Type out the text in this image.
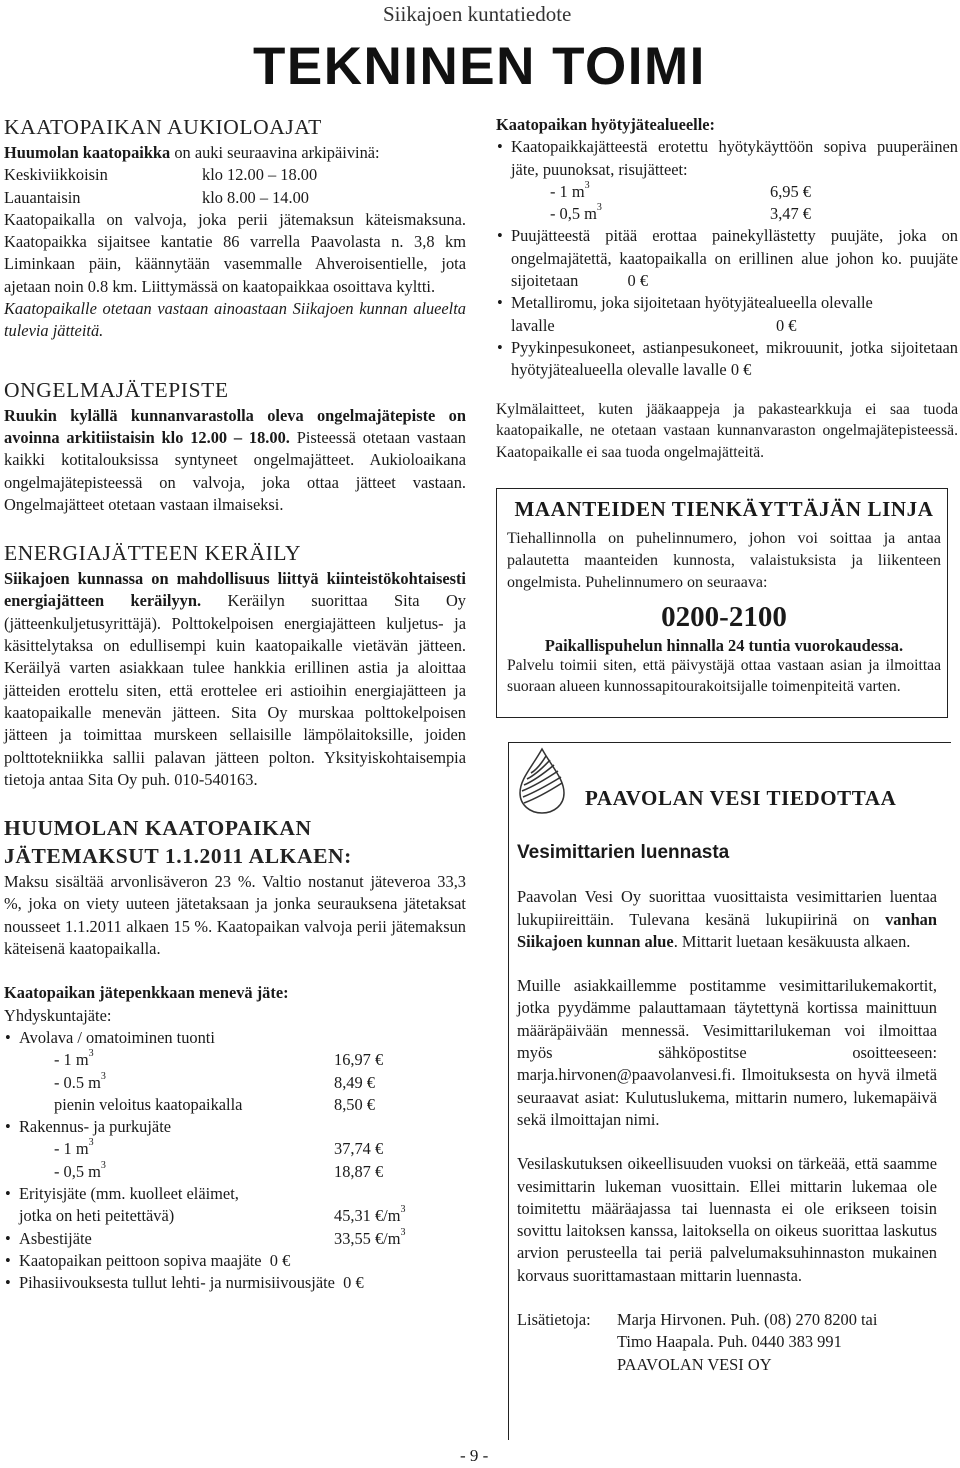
Siikajoen kuntatiedote
TEKNINEN TOIMI
KAATOPAIKAN AUKIOLOAJAT

Huumolan kaatopaikka on auki seuraavina arkipäivinä:

Keskiviikkoisin	klo 12.00 – 18.00
Lauantaisin	klo 8.00 – 14.00

Kaatopaikalla on valvoja, joka perii jätemaksun käteismaksuna. Kaatopaikka sijaitsee kantatie 86 varrella Paavolasta n. 3,8 km Liminkaan päin, käännytään vasemmalle Ahveroisentielle, jota ajetaan noin 0.8 km. Liittymässä on kaatopaikkaa osoittava kyltti.

Kaatopaikalle otetaan vastaan ainoastaan Siikajoen kunnan alueelta tulevia jätteitä.

ONGELMAJÄTEPISTE

Ruukin kylällä kunnanvarastolla oleva ongelmajätepiste on avoinna arkitiistaisin klo 12.00 – 18.00. Pisteessä otetaan vastaan kaikki kotitalouksissa syntyneet ongelmajätteet. Aukioloaikana ongelmajätepisteessä on valvoja, joka ottaa jätteet vastaan. Ongelmajätteet otetaan vastaan ilmaiseksi.

ENERGIAJÄTTEEN KERÄILY

Siikajoen kunnassa on mahdollisuus liittyä kiinteistökohtaisesti energiajätteen keräilyyn. Keräilyn suorittaa Sita Oy (jätteenkuljetusyrittäjä). Polttokelpoisen energiajätteen kuljetus- ja käsittelytaksa on edullisempi kuin kaatopaikalle vietävän jätteen. Keräilyä varten asiakkaan tulee hankkia erillinen astia ja aloittaa jätteiden erottelu siten, että erottelee eri astioihin energiajätteen ja kaatopaikalle menevän jätteen. Sita Oy murskaa polttokelpoisen jätteen ja toimittaa murskeen sellaisille lämpölaitoksille, joiden polttotekniikka sallii palavan jätteen polton. Yksityiskohtaisempia tietoja antaa Sita Oy puh. 010-540163.

HUUMOLAN KAATOPAIKAN
JÄTEMAKSUT 1.1.2011 ALKAEN:

Maksu sisältää arvonlisäveron 23 %. Valtio nostanut jäteveroa 33,3 %, joka on viety uuteen jätetaksaan ja jonka seurauksena jätetaksat nousseet 1.1.2011 alkaen 15 %. Kaatopaikan valvoja perii jätemaksun käteisenä kaatopaikalla.

Kaatopaikan jätepenkkaan menevä jäte:

Yhdyskuntajäte:

• Avolava / omatoiminen tuonti

- 1 $m^3$	16,97 €
- 0.5 $m^3$	8,49 €
pienin veloitus kaatopaikalla	8,50 €

• Rakennus- ja purkujäte

- 1 $m^3$	37,74 €
- 0,5 $m^3$	18,87 €

• Erityisjäte (mm. kuolleet eläimet,

jotka on heti peitettävä)	45,31 $€/m^3$
• Asbestijäte	33,55 $€/m^3$

• Kaatopaikan peittoon sopiva maajäte 0 €

• Pihasiivouksesta tullut lehti- ja nurmisiivousjäte 0 €

Kaatopaikan hyötyjätealueelle:

• Kaatopaikkajätteestä erotettu hyötykäyttöön sopiva puuperäinen jäte, puunoksat, risujätteet:

- 1 $m^3$	6,95 €
- 0,5 $m^3$	3,47 €

• Puujätteestä pitää erottaa painekyllästetty puujäte, joka on ongelmajätettä, kaatopaikalla on erillinen alue johon ko. puujäte sijoitetaan	0 €

• Metalliromu, joka sijoitetaan hyötyjätealueella olevalle lavalle	0 €

• Pyykinpesukoneet, astianpesukoneet, mikrouunit, jotka sijoitetaan hyötyjätealueella olevalle lavalle 0 €

Kylmälaitteet, kuten jääkaappeja ja pakastearkkuja ei saa tuoda kaatopaikalle, ne otetaan vastaan kunnanvaraston ongelmajätepisteessä. Kaatopaikalle ei saa tuoda ongelmajätteitä.

MAANTEIDEN TIENKÄYTTÄJÄN LINJA

Tiehallinnolla on puhelinnumero, johon voi soittaa ja antaa palautetta maanteiden kunnosta, valaistuksista ja liikenteen ongelmista. Puhelinnumero on seuraava:

0200-2100
Paikallispuhelun hinnalla 24 tuntia vuorokaudessa.

Palvelu toimii siten, että päivystäjä ottaa vastaan asian ja ilmoittaa suoraan alueen kunnossapitourakoitsijalle toimenpiteitä varten.

PAAVOLAN VESI TIEDOTTAA
Vesimittarien luennasta

Paavolan Vesi Oy suorittaa vuosittaista vesimittarien luentaa lukupiireittäin. Tulevana kesänä lukupiirinä on vanhan Siikajoen kunnan alue. Mittarit luetaan kesäkuusta alkaen.

Muille asiakkaillemme postitamme vesimittarilukemakortit, jotka pyydämme palauttamaan täytettynä kortissa mainittuun määräpäivään mennessä. Vesimittarilukeman voi ilmoittaa myös sähköpostitse osoitteeseen: marja.hirvonen@paavolanvesi.fi. Ilmoituksesta on hyvä ilmetä seuraavat asiat: Kulutuslukema, mittarin numero, lukemapäivä sekä ilmoittajan nimi.

Vesilaskutuksen oikeellisuuden vuoksi on tärkeää, että saamme vesimittarin lukeman vuosittain. Ellei mittarin lukemaa ole toimitettu määräajassa tai luennasta ei ole erikseen toisin sovittu laitoksen kanssa, laitoksella on oikeus suorittaa laskutus arvion perusteella tai periä palvelumaksuhinnaston mukainen korvaus suorittamastaan mittarin luennasta.

Lisätietoja:	Marja Hirvonen. Puh. (08) 270 8200 tai

Timo Haapala. Puh. 0440 383 991

PAAVOLAN VESI OY

- 9 -
